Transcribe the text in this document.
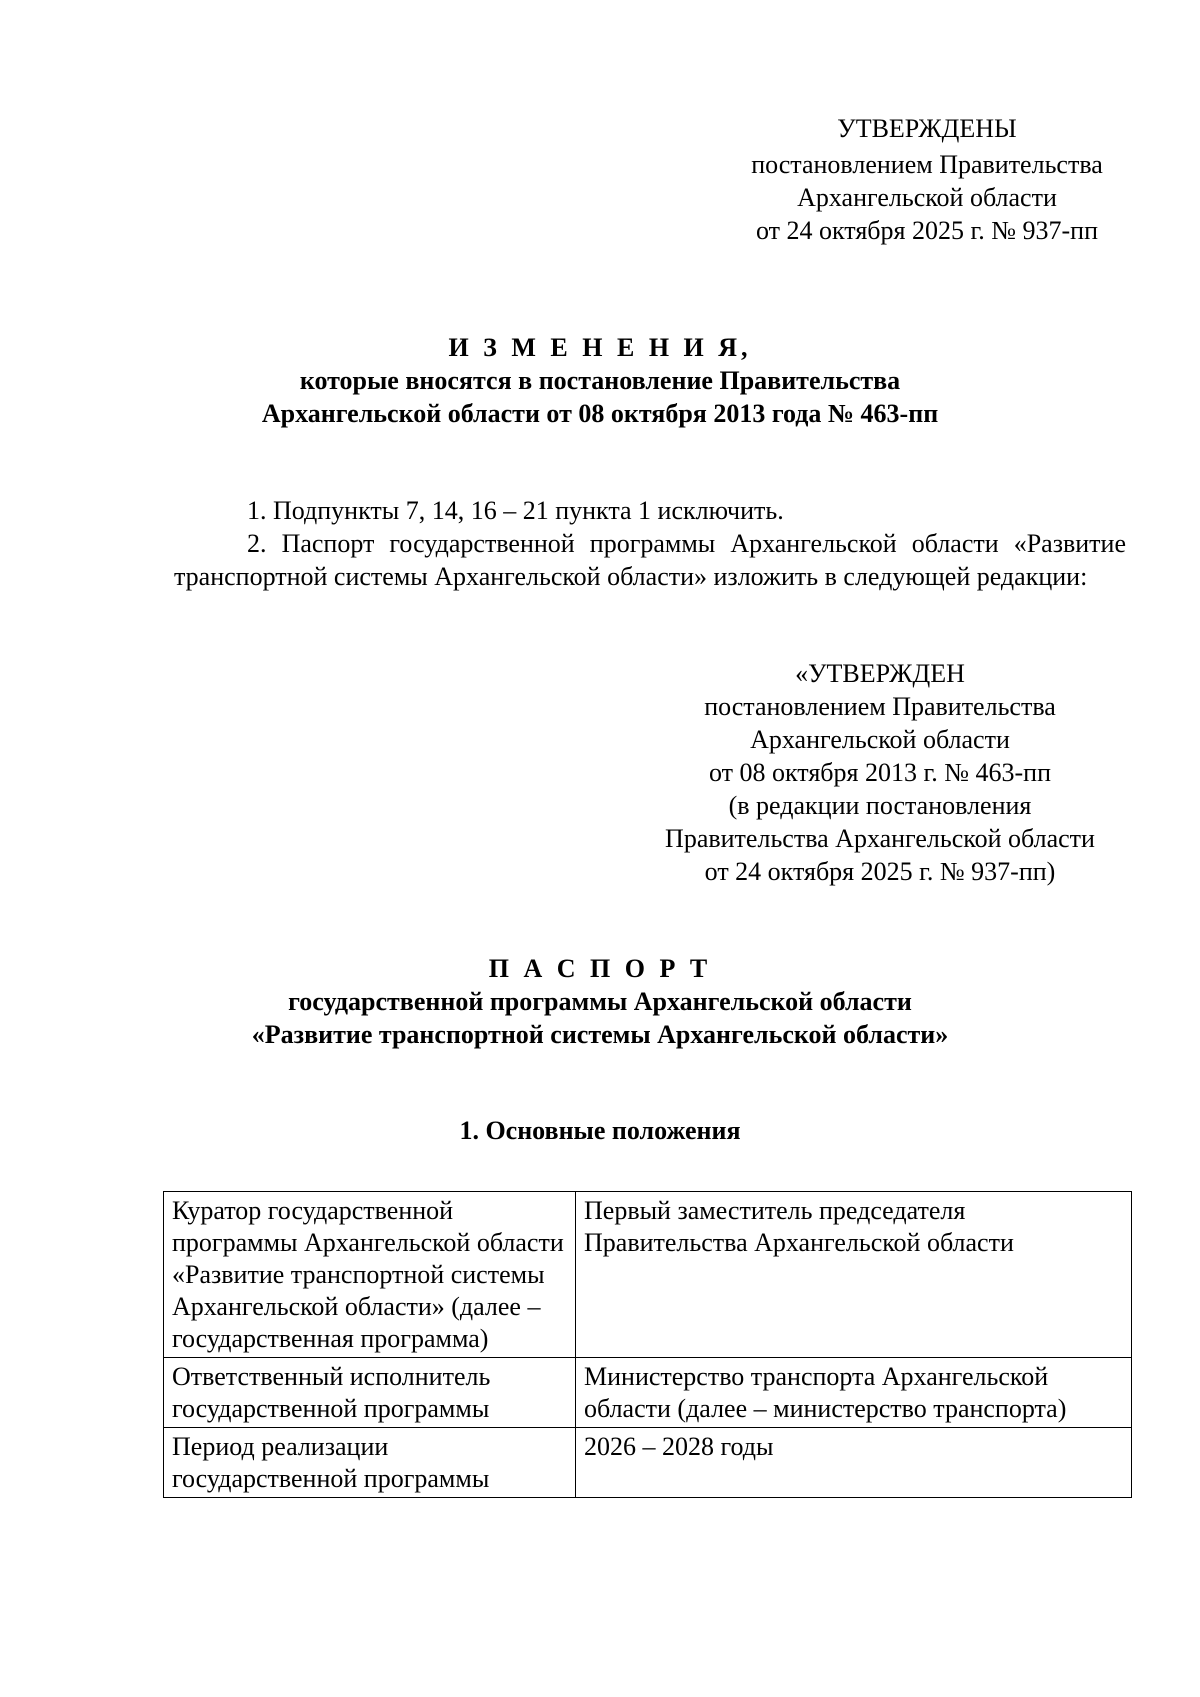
УТВЕРЖДЕНЫ
постановлением Правительства
Архангельской области
от 24 октября 2025 г. № 937-пп
И З М Е Н Е Н И Я,
которые вносятся в постановление Правительства
Архангельской области от 08 октября 2013 года № 463-пп
1. Подпункты 7, 14, 16 – 21 пункта 1 исключить.
2. Паспорт государственной программы Архангельской области «Развитие транспортной системы Архангельской области» изложить в следующей редакции:
«УТВЕРЖДЕН
постановлением Правительства
Архангельской области
от 08 октября 2013 г. № 463-пп
(в редакции постановления
Правительства Архангельской области
от 24 октября 2025 г. № 937-пп)
П А С П О Р Т
государственной программы Архангельской области
«Развитие транспортной системы Архангельской области»
1. Основные положения
Куратор государственной программы Архангельской области «Развитие транспортной системы Архангельской области» (далее – государственная программа)	Первый заместитель председателя Правительства Архангельской области
Ответственный исполнитель государственной программы	Министерство транспорта Архангельской области (далее – министерство транспорта)
Период реализации государственной программы	2026 – 2028 годы
